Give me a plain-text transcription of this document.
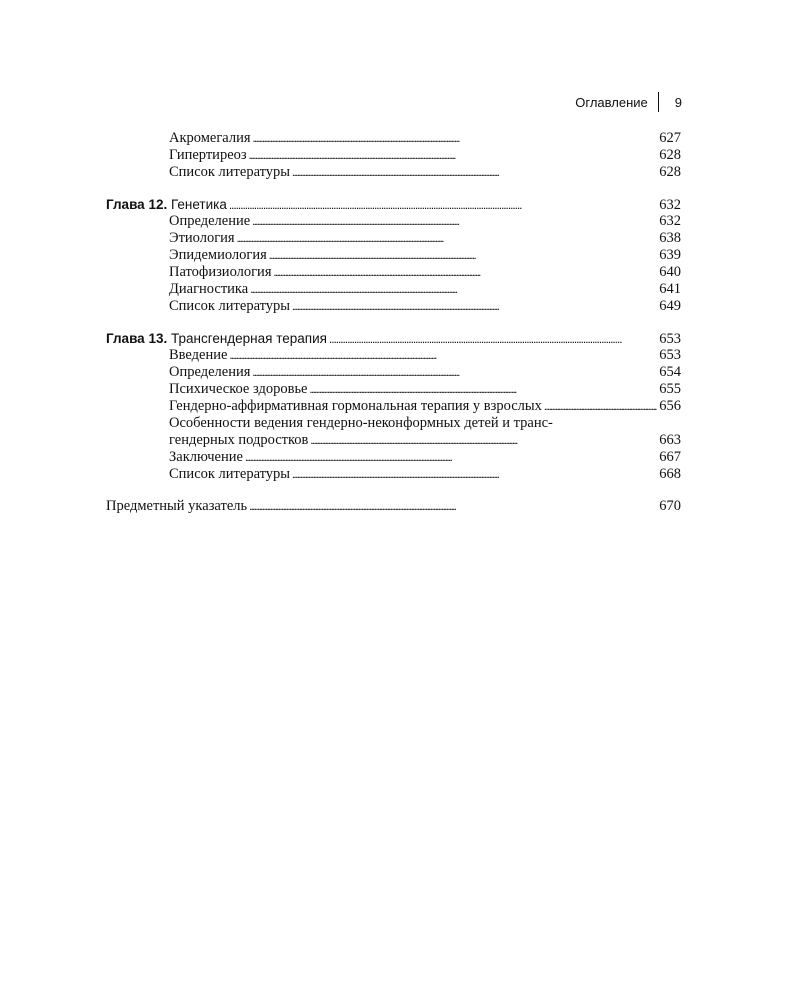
Оглавление 9
Акромегалия . . .	627
Гипертиреоз . . .	628
Список литературы . . .	628
Глава 12. Генетика . . .	632
Определение . . .	632
Этиология . . .	638
Эпидемиология . . .	639
Патофизиология . . .	640
Диагностика . . .	641
Список литературы . . .	649
Глава 13. Трансгендерная терапия . . .	653
Введение . . .	653
Определения . . .	654
Психическое здоровье . . .	655
Гендерно-аффирмативная гормональная терапия у взрослых . . .	656
Особенности ведения гендерно-неконформных детей и транс-
гендерных подростков . . .	663
Заключение . . .	667
Список литературы . . .	668
Предметный указатель . . .	670
